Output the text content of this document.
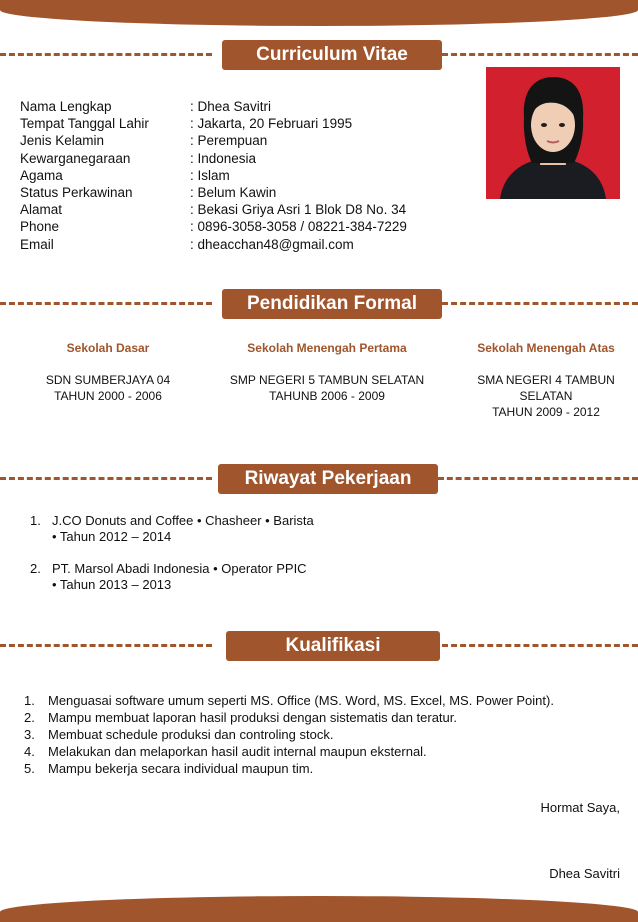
Curriculum Vitae
Nama Lengkap	: Dhea Savitri
Tempat Tanggal Lahir	: Jakarta, 20 Februari 1995
Jenis Kelamin	: Perempuan
Kewarganegaraan	: Indonesia
Agama	: Islam
Status Perkawinan	: Belum Kawin
Alamat	: Bekasi Griya Asri 1 Blok D8 No. 34
Phone	: 0896-3058-3058 / 08221-384-7229
Email	: dheacchan48@gmail.com
Pendidikan Formal
Sekolah Dasar
SDN SUMBERJAYA 04
TAHUN 2000 - 2006
Sekolah Menengah Pertama
SMP NEGERI 5 TAMBUN SELATAN
TAHUNB 2006 - 2009
Sekolah Menengah Atas
SMA NEGERI 4 TAMBUN
SELATAN
TAHUN 2009 - 2012
Riwayat Pekerjaan
1. J.CO Donuts and Coffee • Chasheer • Barista
• Tahun 2012 – 2014
2. PT. Marsol Abadi Indonesia • Operator PPIC
• Tahun 2013 – 2013
Kualifikasi
1.	Menguasai software umum seperti MS. Office (MS. Word, MS. Excel, MS. Power Point).
2.	Mampu membuat laporan hasil produksi dengan sistematis dan teratur.
3.	Membuat schedule produksi dan controling stock.
4.	Melakukan dan melaporkan hasil audit internal maupun eksternal.
5.	Mampu bekerja secara individual maupun tim.
Hormat Saya,
Dhea Savitri
